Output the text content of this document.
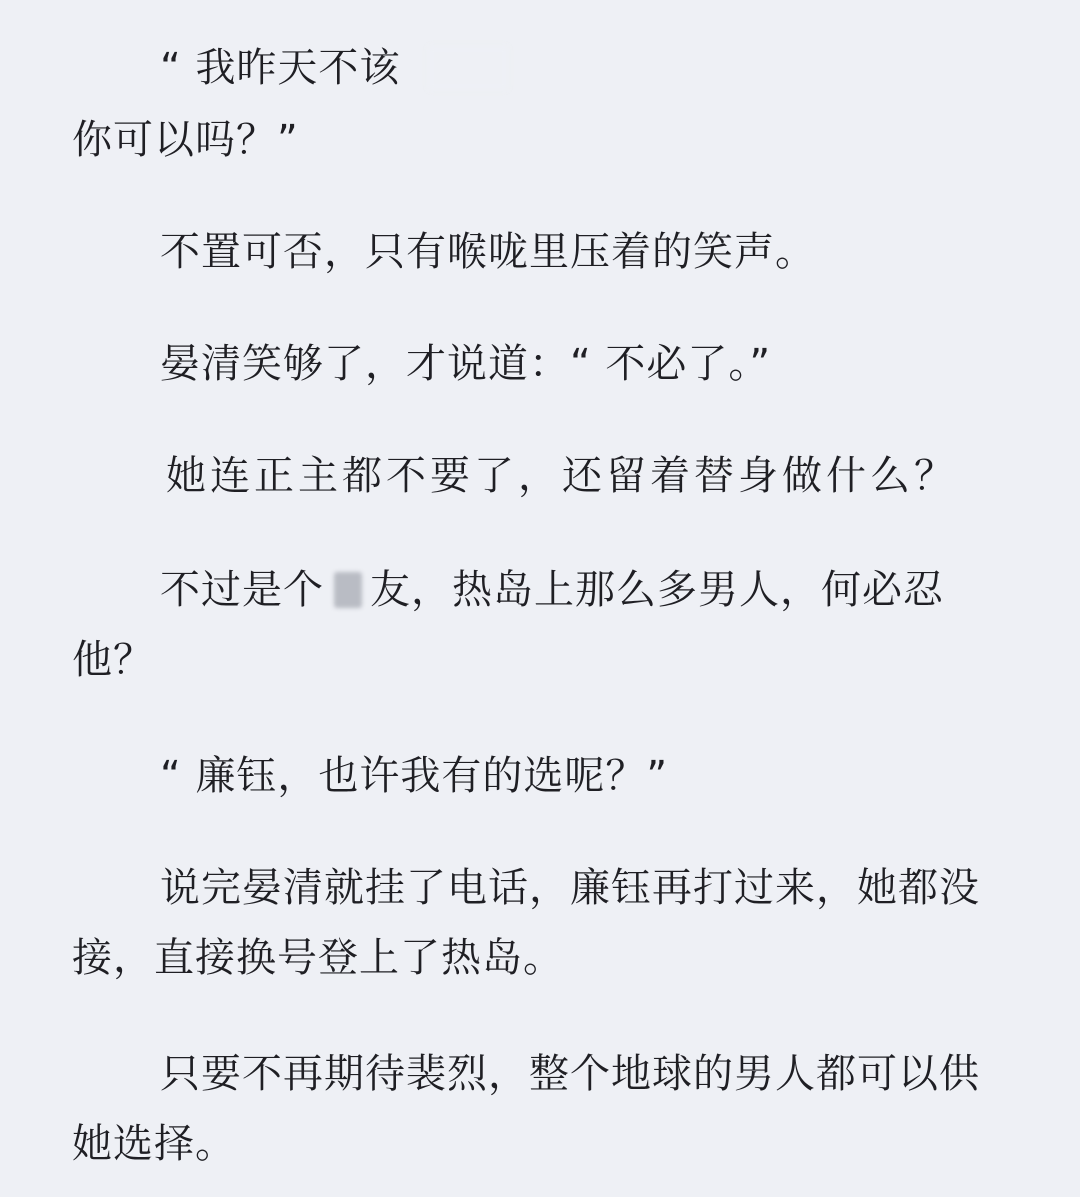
“ 我昨天不该

你可以吗？”

不置可否，只有喉咙里压着的笑声。

晏清笑够了，才说道：“ 不必了。”

她连正主都不要了，还留着替身做什么？

不过是个 友，热岛上那么多男人，何必忍

他？

“ 廉钰，也许我有的选呢？”

说完晏清就挂了电话，廉钰再打过来，她都没

接，直接换号登上了热岛。

只要不再期待裴烈，整个地球的男人都可以供

她选择。
